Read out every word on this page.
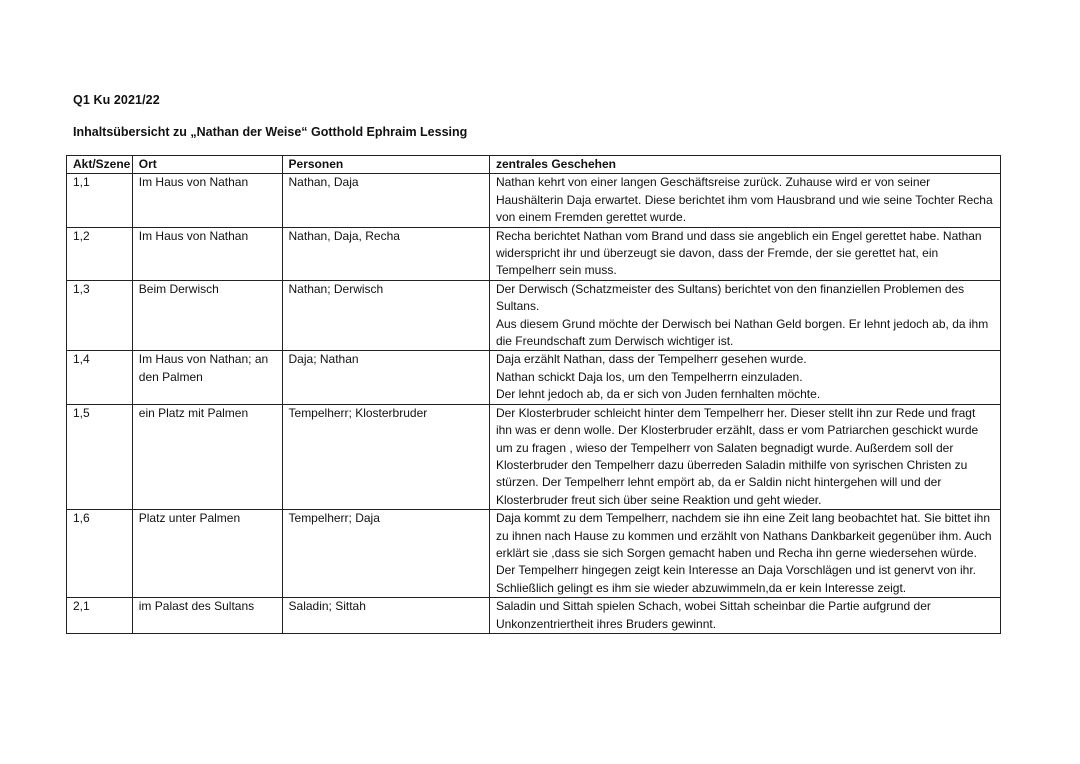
Q1 Ku 2021/22
Inhaltsübersicht zu „Nathan der Weise“ Gotthold Ephraim Lessing
Akt/Szene	Ort	Personen	zentrales Geschehen
1,1	Im Haus von Nathan	Nathan, Daja	Nathan kehrt von einer langen Geschäftsreise zurück. Zuhause wird er von seiner Haushälterin Daja erwartet. Diese berichtet ihm vom Hausbrand und wie seine Tochter Recha von einem Fremden gerettet wurde.

1,2	Im Haus von Nathan	Nathan, Daja, Recha	Recha berichtet Nathan vom Brand und dass sie angeblich ein Engel gerettet habe. Nathan widerspricht ihr und überzeugt sie davon, dass der Fremde, der sie gerettet hat, ein Tempelherr sein muss.

1,3	Beim Derwisch	Nathan; Derwisch	Der Derwisch (Schatzmeister des Sultans) berichtet von den finanziellen Problemen des Sultans.
Aus diesem Grund möchte der Derwisch bei Nathan Geld borgen. Er lehnt jedoch ab, da ihm die Freundschaft zum Derwisch wichtiger ist.

1,4	Im Haus von Nathan; an den Palmen	Daja; Nathan	Daja erzählt Nathan, dass der Tempelherr gesehen wurde.
Nathan schickt Daja los, um den Tempelherrn einzuladen.
Der lehnt jedoch ab, da er sich von Juden fernhalten möchte.

1,5	ein Platz mit Palmen	Tempelherr; Klosterbruder	Der Klosterbruder schleicht hinter dem Tempelherr her. Dieser stellt ihn zur Rede und fragt ihn was er denn wolle. Der Klosterbruder erzählt, dass er vom Patriarchen geschickt wurde um zu fragen , wieso der Tempelherr von Salaten begnadigt wurde. Außerdem soll der Klosterbruder den Tempelherr dazu überreden Saladin mithilfe von syrischen Christen zu stürzen. Der Tempelherr lehnt empört ab, da er Saldin nicht hintergehen will und der Klosterbruder freut sich über seine Reaktion und geht wieder.

1,6	Platz unter Palmen	Tempelherr; Daja	Daja kommt zu dem Tempelherr, nachdem sie ihn eine Zeit lang beobachtet hat. Sie bittet ihn zu ihnen nach Hause zu kommen und erzählt von Nathans Dankbarkeit gegenüber ihm. Auch erklärt sie ,dass sie sich Sorgen gemacht haben und Recha ihn gerne wiedersehen würde. Der Tempelherr hingegen zeigt kein Interesse an Daja Vorschlägen und ist genervt von ihr. Schließlich gelingt es ihm sie wieder abzuwimmeln,da er kein Interesse zeigt.

2,1	im Palast des Sultans	Saladin; Sittah	Saladin und Sittah spielen Schach, wobei Sittah scheinbar die Partie aufgrund der Unkonzentriertheit ihres Bruders gewinnt.
